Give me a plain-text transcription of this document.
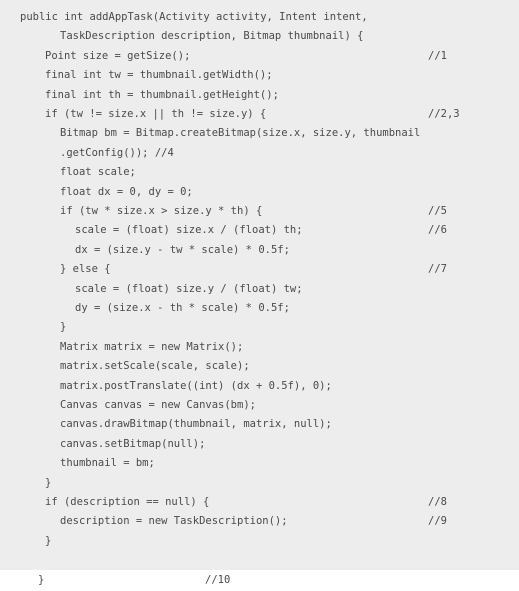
public int addAppTask(Activity activity, Intent intent,
TaskDescription description, Bitmap thumbnail) {
Point size = getSize();	//1
final int tw = thumbnail.getWidth();
final int th = thumbnail.getHeight();
if (tw != size.x || th != size.y) {	//2,3
Bitmap bm = Bitmap.createBitmap(size.x, size.y, thumbnail
.getConfig()); //4
float scale;
float dx = 0, dy = 0;
if (tw * size.x > size.y * th) {	//5
scale = (float) size.x / (float) th;	//6
dx = (size.y - tw * scale) * 0.5f;
} else {	//7
scale = (float) size.y / (float) tw;
dy = (size.x - th * scale) * 0.5f;
}
Matrix matrix = new Matrix();
matrix.setScale(scale, scale);
matrix.postTranslate((int) (dx + 0.5f), 0);
Canvas canvas = new Canvas(bm);
canvas.drawBitmap(thumbnail, matrix, null);
canvas.setBitmap(null);
thumbnail = bm;
}
if (description == null) {	//8
description = new TaskDescription();	//9
}
}	//10
